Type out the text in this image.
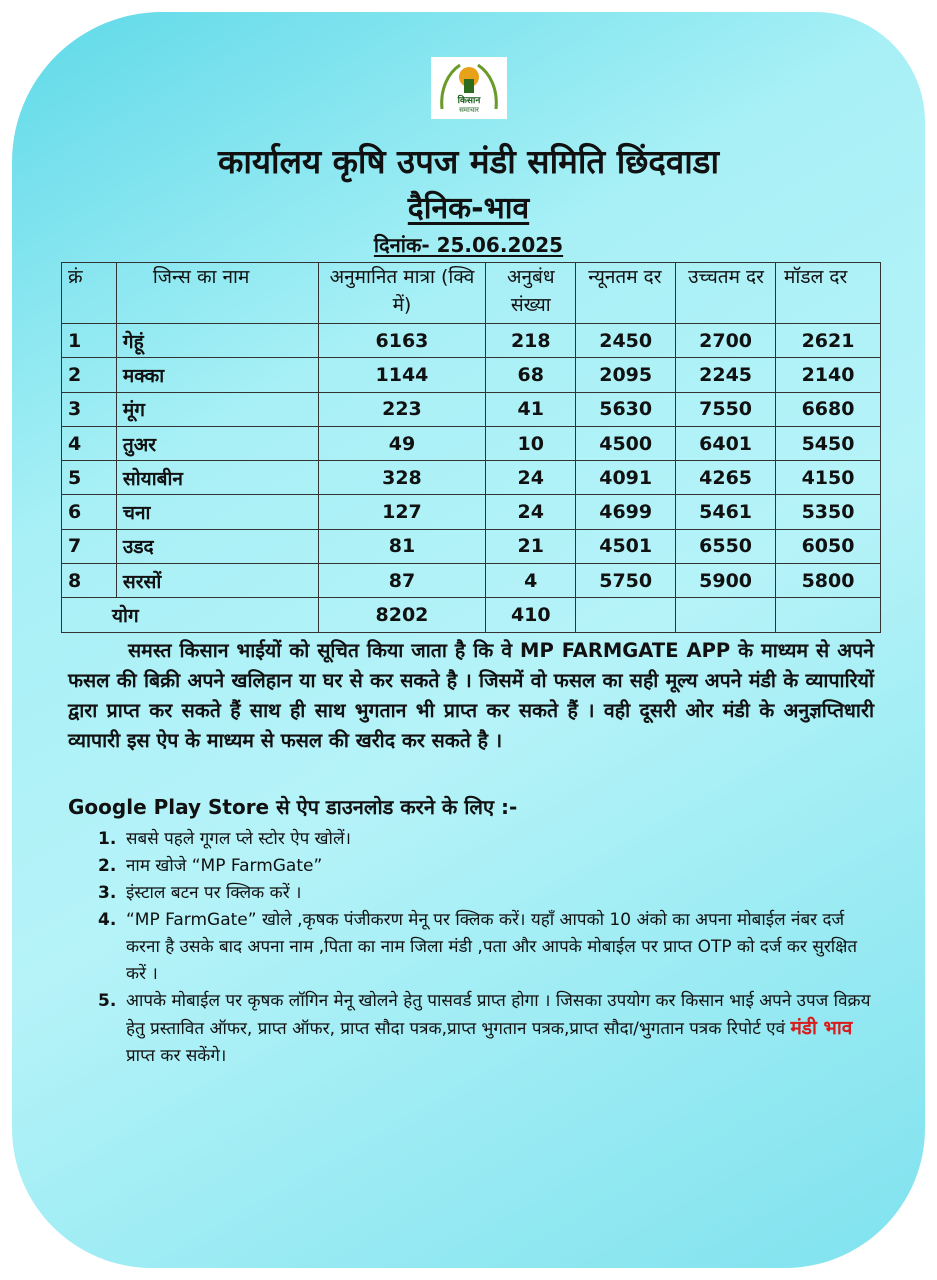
किसान
समाचार
कार्यालय कृषि उपज मंडी समिति छिंदवाडा
दैनिक-भाव
दिनांक- 25.06.2025
क्रं	जिन्स का नाम	अनुमानित मात्रा (क्वि में)	अनुबंध संख्या	न्यूनतम दर	उच्चतम दर	मॉडल दर
1	गेहूं	6163	218	2450	2700	2621
2	मक्का	1144	68	2095	2245	2140
3	मूंग	223	41	5630	7550	6680
4	तुअर	49	10	4500	6401	5450
5	सोयाबीन	328	24	4091	4265	4150
6	चना	127	24	4699	5461	5350
7	उडद	81	21	4501	6550	6050
8	सरसों	87	4	5750	5900	5800
योग		8202	410			
समस्त किसान भाईयों को सूचित किया जाता है कि वे MP FARMGATE APP के माध्यम से अपने फसल की बिक्री अपने खलिहान या घर से कर सकते है । जिसमें वो फसल का सही मूल्य अपने मंडी के व्यापारियों द्वारा प्राप्त कर सकते हैं साथ ही साथ भुगतान भी प्राप्त कर सकते हैं । वही दूसरी ओर मंडी के अनुज्ञप्तिधारी व्यापारी इस ऐप के माध्यम से फसल की खरीद कर सकते है ।
Google Play Store से ऐप डाउनलोड करने के लिए :-
1. सबसे पहले गूगल प्ले स्टोर ऐप खोलें।
2. नाम खोजे “MP FarmGate”
3. इंस्टाल बटन पर क्लिक करें ।
4. “MP FarmGate” खोले ,कृषक पंजीकरण मेनू पर क्लिक करें। यहाँ आपको 10 अंको का अपना मोबाईल नंबर दर्ज करना है उसके बाद अपना नाम ,पिता का नाम जिला मंडी ,पता और आपके मोबाईल पर प्राप्त OTP को दर्ज कर सुरक्षित करें ।
5. आपके मोबाईल पर कृषक लॉगिन मेनू खोलने हेतु पासवर्ड प्राप्त होगा । जिसका उपयोग कर किसान भाई अपने उपज विक्रय हेतु प्रस्तावित ऑफर, प्राप्त ऑफर, प्राप्त सौदा पत्रक,प्राप्त भुगतान पत्रक,प्राप्त सौदा/भुगतान पत्रक रिपोर्ट एवं मंडी भाव प्राप्त कर सकेंगे।
